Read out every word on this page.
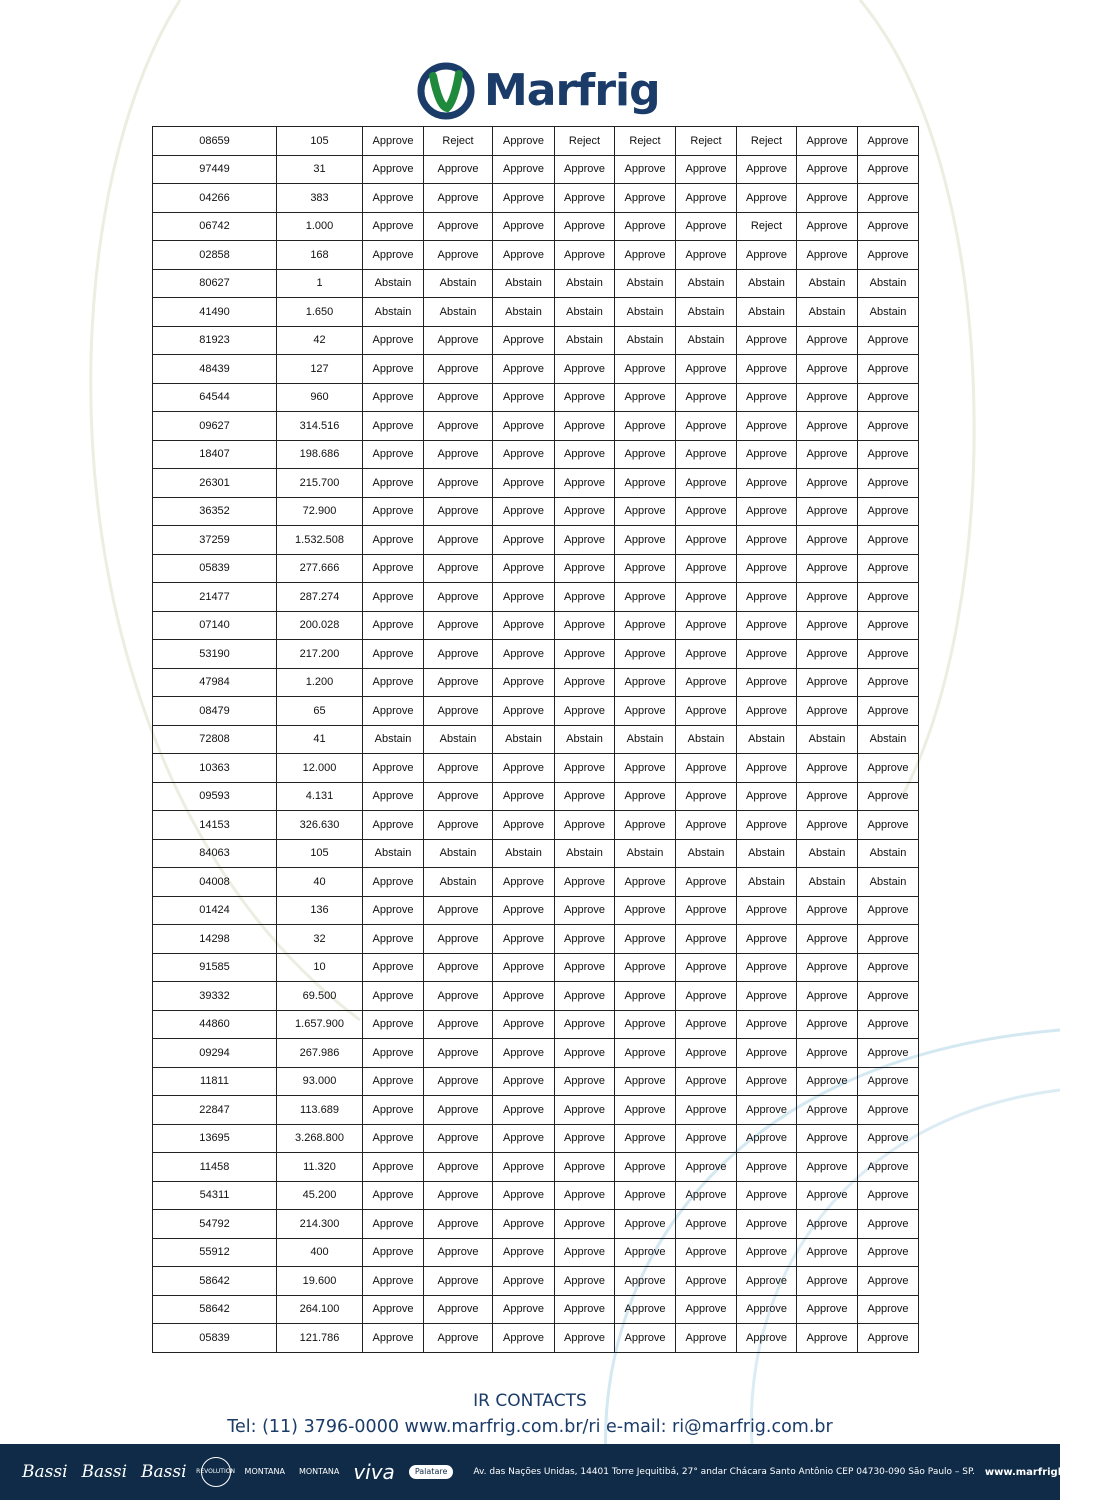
Marfrig
08659	105	Approve	Reject	Approve	Reject	Reject	Reject	Reject	Approve	Approve
97449	31	Approve	Approve	Approve	Approve	Approve	Approve	Approve	Approve	Approve
04266	383	Approve	Approve	Approve	Approve	Approve	Approve	Approve	Approve	Approve
06742	1.000	Approve	Approve	Approve	Approve	Approve	Approve	Reject	Approve	Approve
02858	168	Approve	Approve	Approve	Approve	Approve	Approve	Approve	Approve	Approve
80627	1	Abstain	Abstain	Abstain	Abstain	Abstain	Abstain	Abstain	Abstain	Abstain
41490	1.650	Abstain	Abstain	Abstain	Abstain	Abstain	Abstain	Abstain	Abstain	Abstain
81923	42	Approve	Approve	Approve	Abstain	Abstain	Abstain	Approve	Approve	Approve
48439	127	Approve	Approve	Approve	Approve	Approve	Approve	Approve	Approve	Approve
64544	960	Approve	Approve	Approve	Approve	Approve	Approve	Approve	Approve	Approve
09627	314.516	Approve	Approve	Approve	Approve	Approve	Approve	Approve	Approve	Approve
18407	198.686	Approve	Approve	Approve	Approve	Approve	Approve	Approve	Approve	Approve
26301	215.700	Approve	Approve	Approve	Approve	Approve	Approve	Approve	Approve	Approve
36352	72.900	Approve	Approve	Approve	Approve	Approve	Approve	Approve	Approve	Approve
37259	1.532.508	Approve	Approve	Approve	Approve	Approve	Approve	Approve	Approve	Approve
05839	277.666	Approve	Approve	Approve	Approve	Approve	Approve	Approve	Approve	Approve
21477	287.274	Approve	Approve	Approve	Approve	Approve	Approve	Approve	Approve	Approve
07140	200.028	Approve	Approve	Approve	Approve	Approve	Approve	Approve	Approve	Approve
53190	217.200	Approve	Approve	Approve	Approve	Approve	Approve	Approve	Approve	Approve
47984	1.200	Approve	Approve	Approve	Approve	Approve	Approve	Approve	Approve	Approve
08479	65	Approve	Approve	Approve	Approve	Approve	Approve	Approve	Approve	Approve
72808	41	Abstain	Abstain	Abstain	Abstain	Abstain	Abstain	Abstain	Abstain	Abstain
10363	12.000	Approve	Approve	Approve	Approve	Approve	Approve	Approve	Approve	Approve
09593	4.131	Approve	Approve	Approve	Approve	Approve	Approve	Approve	Approve	Approve
14153	326.630	Approve	Approve	Approve	Approve	Approve	Approve	Approve	Approve	Approve
84063	105	Abstain	Abstain	Abstain	Abstain	Abstain	Abstain	Abstain	Abstain	Abstain
04008	40	Approve	Abstain	Approve	Approve	Approve	Approve	Abstain	Abstain	Abstain
01424	136	Approve	Approve	Approve	Approve	Approve	Approve	Approve	Approve	Approve
14298	32	Approve	Approve	Approve	Approve	Approve	Approve	Approve	Approve	Approve
91585	10	Approve	Approve	Approve	Approve	Approve	Approve	Approve	Approve	Approve
39332	69.500	Approve	Approve	Approve	Approve	Approve	Approve	Approve	Approve	Approve
44860	1.657.900	Approve	Approve	Approve	Approve	Approve	Approve	Approve	Approve	Approve
09294	267.986	Approve	Approve	Approve	Approve	Approve	Approve	Approve	Approve	Approve
11811	93.000	Approve	Approve	Approve	Approve	Approve	Approve	Approve	Approve	Approve
22847	113.689	Approve	Approve	Approve	Approve	Approve	Approve	Approve	Approve	Approve
13695	3.268.800	Approve	Approve	Approve	Approve	Approve	Approve	Approve	Approve	Approve
11458	11.320	Approve	Approve	Approve	Approve	Approve	Approve	Approve	Approve	Approve
54311	45.200	Approve	Approve	Approve	Approve	Approve	Approve	Approve	Approve	Approve
54792	214.300	Approve	Approve	Approve	Approve	Approve	Approve	Approve	Approve	Approve
55912	400	Approve	Approve	Approve	Approve	Approve	Approve	Approve	Approve	Approve
58642	19.600	Approve	Approve	Approve	Approve	Approve	Approve	Approve	Approve	Approve
58642	264.100	Approve	Approve	Approve	Approve	Approve	Approve	Approve	Approve	Approve
05839	121.786	Approve	Approve	Approve	Approve	Approve	Approve	Approve	Approve	Approve
IR CONTACTS
Tel: (11) 3796-0000 www.marfrig.com.br/ri e-mail: ri@marfrig.com.br
Bassi Bassi Bassi REVOLUTION MONTANA MONTANA viva	Palatare	Av. das Nações Unidas, 14401 Torre Jequitibá, 27° andar Chácara Santo Antônio CEP 04730-090 São Paulo – SP. www.marfrigbeef.com
